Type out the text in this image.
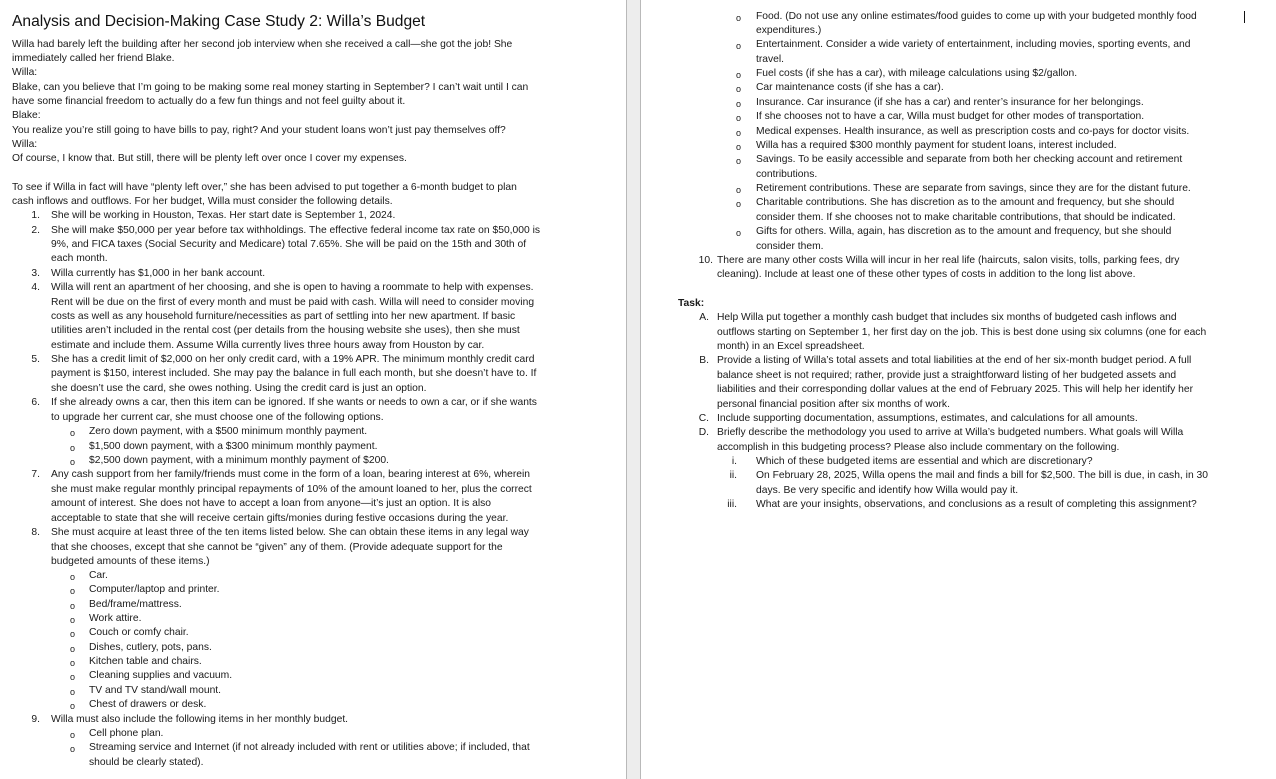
Analysis and Decision-Making Case Study 2: Willa’s Budget
Willa had barely left the building after her second job interview when she received a call—she got the job! She
immediately called her friend Blake.
Willa:
Blake, can you believe that I’m going to be making some real money starting in September? I can’t wait until I can
have some financial freedom to actually do a few fun things and not feel guilty about it.
Blake:
You realize you’re still going to have bills to pay, right? And your student loans won’t just pay themselves off?
Willa:
Of course, I know that. But still, there will be plenty left over once I cover my expenses.
To see if Willa in fact will have “plenty left over,” she has been advised to put together a 6-month budget to plan
cash inflows and outflows. For her budget, Willa must consider the following details.
1. She will be working in Houston, Texas. Her start date is September 1, 2024.
2. She will make $50,000 per year before tax withholdings. The effective federal income tax rate on $50,000 is
9%, and FICA taxes (Social Security and Medicare) total 7.65%. She will be paid on the 15th and 30th of
each month.
3. Willa currently has $1,000 in her bank account.
4. Willa will rent an apartment of her choosing, and she is open to having a roommate to help with expenses.
Rent will be due on the first of every month and must be paid with cash. Willa will need to consider moving
costs as well as any household furniture/necessities as part of settling into her new apartment. If basic
utilities aren’t included in the rental cost (per details from the housing website she uses), then she must
estimate and include them. Assume Willa currently lives three hours away from Houston by car.
5. She has a credit limit of $2,000 on her only credit card, with a 19% APR. The minimum monthly credit card
payment is $150, interest included. She may pay the balance in full each month, but she doesn’t have to. If
she doesn’t use the card, she owes nothing. Using the credit card is just an option.
6. If she already owns a car, then this item can be ignored. If she wants or needs to own a car, or if she wants
to upgrade her current car, she must choose one of the following options.
o Zero down payment, with a $500 minimum monthly payment.
o $1,500 down payment, with a $300 minimum monthly payment.
o $2,500 down payment, with a minimum monthly payment of $200.
7. Any cash support from her family/friends must come in the form of a loan, bearing interest at 6%, wherein
she must make regular monthly principal repayments of 10% of the amount loaned to her, plus the correct
amount of interest. She does not have to accept a loan from anyone—it’s just an option. It is also
acceptable to state that she will receive certain gifts/monies during festive occasions during the year.
8. She must acquire at least three of the ten items listed below. She can obtain these items in any legal way
that she chooses, except that she cannot be “given” any of them. (Provide adequate support for the
budgeted amounts of these items.)
o Car.
o Computer/laptop and printer.
o Bed/frame/mattress.
o Work attire.
o Couch or comfy chair.
o Dishes, cutlery, pots, pans.
o Kitchen table and chairs.
o Cleaning supplies and vacuum.
o TV and TV stand/wall mount.
o Chest of drawers or desk.
9. Willa must also include the following items in her monthly budget.
o Cell phone plan.
o Streaming service and Internet (if not already included with rent or utilities above; if included, that
should be clearly stated).
o Food. (Do not use any online estimates/food guides to come up with your budgeted monthly food
expenditures.)
o Entertainment. Consider a wide variety of entertainment, including movies, sporting events, and
travel.
o Fuel costs (if she has a car), with mileage calculations using $2/gallon.
o Car maintenance costs (if she has a car).
o Insurance. Car insurance (if she has a car) and renter’s insurance for her belongings.
o If she chooses not to have a car, Willa must budget for other modes of transportation.
o Medical expenses. Health insurance, as well as prescription costs and co-pays for doctor visits.
o Willa has a required $300 monthly payment for student loans, interest included.
o Savings. To be easily accessible and separate from both her checking account and retirement
contributions.
o Retirement contributions. These are separate from savings, since they are for the distant future.
o Charitable contributions. She has discretion as to the amount and frequency, but she should
consider them. If she chooses not to make charitable contributions, that should be indicated.
o Gifts for others. Willa, again, has discretion as to the amount and frequency, but she should
consider them.
10. There are many other costs Willa will incur in her real life (haircuts, salon visits, tolls, parking fees, dry
cleaning). Include at least one of these other types of costs in addition to the long list above.
Task:
A. Help Willa put together a monthly cash budget that includes six months of budgeted cash inflows and
outflows starting on September 1, her first day on the job. This is best done using six columns (one for each
month) in an Excel spreadsheet.
B. Provide a listing of Willa’s total assets and total liabilities at the end of her six-month budget period. A full
balance sheet is not required; rather, provide just a straightforward listing of her budgeted assets and
liabilities and their corresponding dollar values at the end of February 2025. This will help her identify her
personal financial position after six months of work.
C. Include supporting documentation, assumptions, estimates, and calculations for all amounts.
D. Briefly describe the methodology you used to arrive at Willa’s budgeted numbers. What goals will Willa
accomplish in this budgeting process? Please also include commentary on the following.
i. Which of these budgeted items are essential and which are discretionary?
ii. On February 28, 2025, Willa opens the mail and finds a bill for $2,500. The bill is due, in cash, in 30
days. Be very specific and identify how Willa would pay it.
iii. What are your insights, observations, and conclusions as a result of completing this assignment?
